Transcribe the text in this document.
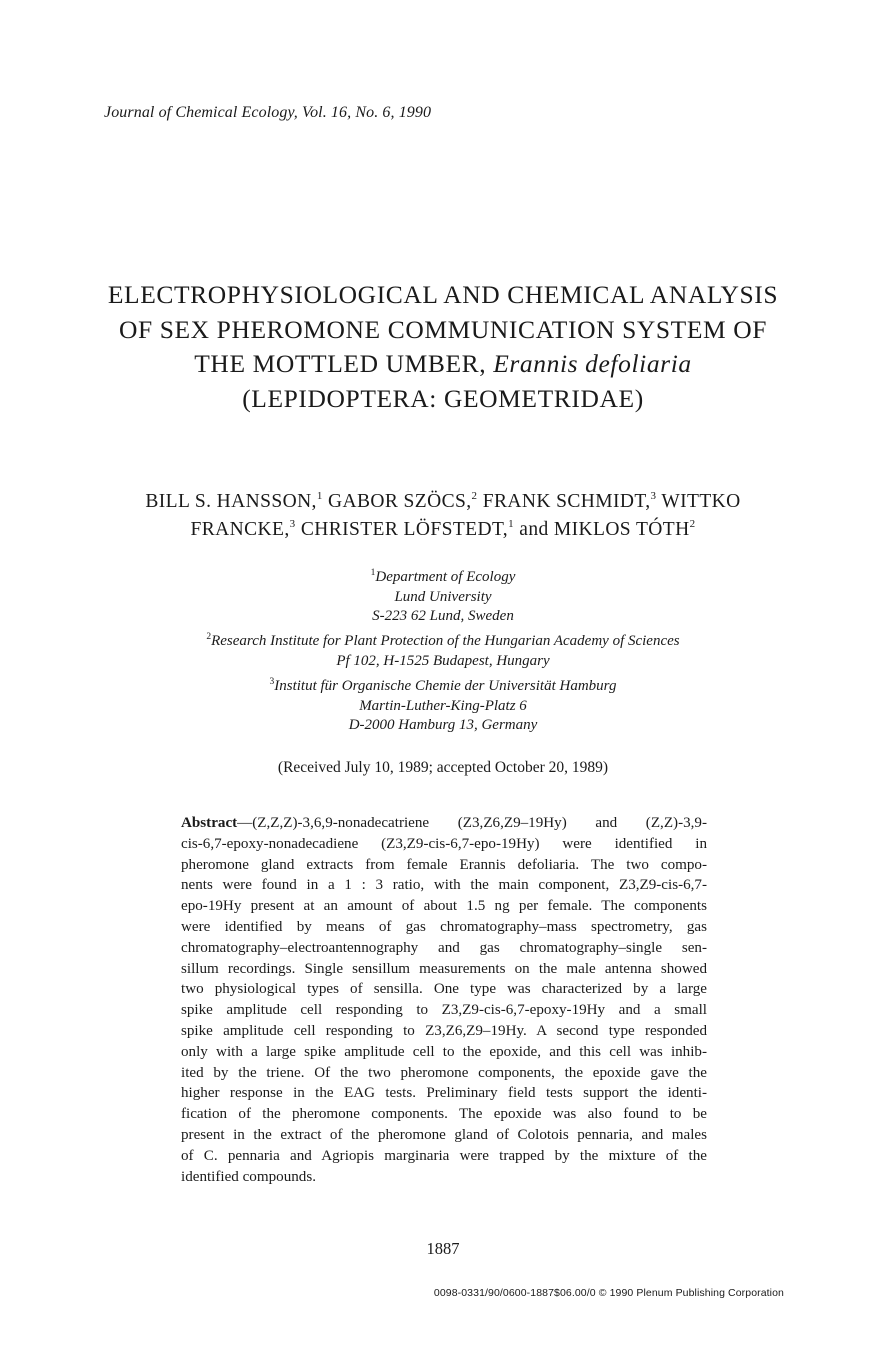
Journal of Chemical Ecology, Vol. 16, No. 6, 1990
ELECTROPHYSIOLOGICAL AND CHEMICAL ANALYSIS
OF SEX PHEROMONE COMMUNICATION SYSTEM OF
THE MOTTLED UMBER, Erannis defoliaria
(LEPIDOPTERA: GEOMETRIDAE)
BILL S. HANSSON,$^1$ GABOR SZÖCS,$^2$ FRANK SCHMIDT,$^3$ WITTKO
FRANCKE,$^3$ CHRISTER LÖFSTEDT,$^1$ and MIKLOS TÓTH$^2$
$^1$Department of Ecology
Lund University
S-223 62 Lund, Sweden
$^2$Research Institute for Plant Protection of the Hungarian Academy of Sciences
Pf 102, H-1525 Budapest, Hungary
$^3$Institut für Organische Chemie der Universität Hamburg
Martin-Luther-King-Platz 6
D-2000 Hamburg 13, Germany
(Received July 10, 1989; accepted October 20, 1989)
Abstract—(Z,Z,Z)-3,6,9-nonadecatriene (Z3,Z6,Z9–19Hy) and (Z,Z)-3,9-
cis-6,7-epoxy-nonadecadiene (Z3,Z9-cis-6,7-epo-19Hy) were identified in
pheromone gland extracts from female Erannis defoliaria. The two compo-
nents were found in a 1 : 3 ratio, with the main component, Z3,Z9-cis-6,7-
epo-19Hy present at an amount of about 1.5 ng per female. The components
were identified by means of gas chromatography–mass spectrometry, gas
chromatography–electroantennography and gas chromatography–single sen-
sillum recordings. Single sensillum measurements on the male antenna showed
two physiological types of sensilla. One type was characterized by a large
spike amplitude cell responding to Z3,Z9-cis-6,7-epoxy-19Hy and a small
spike amplitude cell responding to Z3,Z6,Z9–19Hy. A second type responded
only with a large spike amplitude cell to the epoxide, and this cell was inhib-
ited by the triene. Of the two pheromone components, the epoxide gave the
higher response in the EAG tests. Preliminary field tests support the identi-
fication of the pheromone components. The epoxide was also found to be
present in the extract of the pheromone gland of Colotois pennaria, and males
of C. pennaria and Agriopis marginaria were trapped by the mixture of the
identified compounds.
1887
0098-0331/90/0600-1887$06.00/0 © 1990 Plenum Publishing Corporation
